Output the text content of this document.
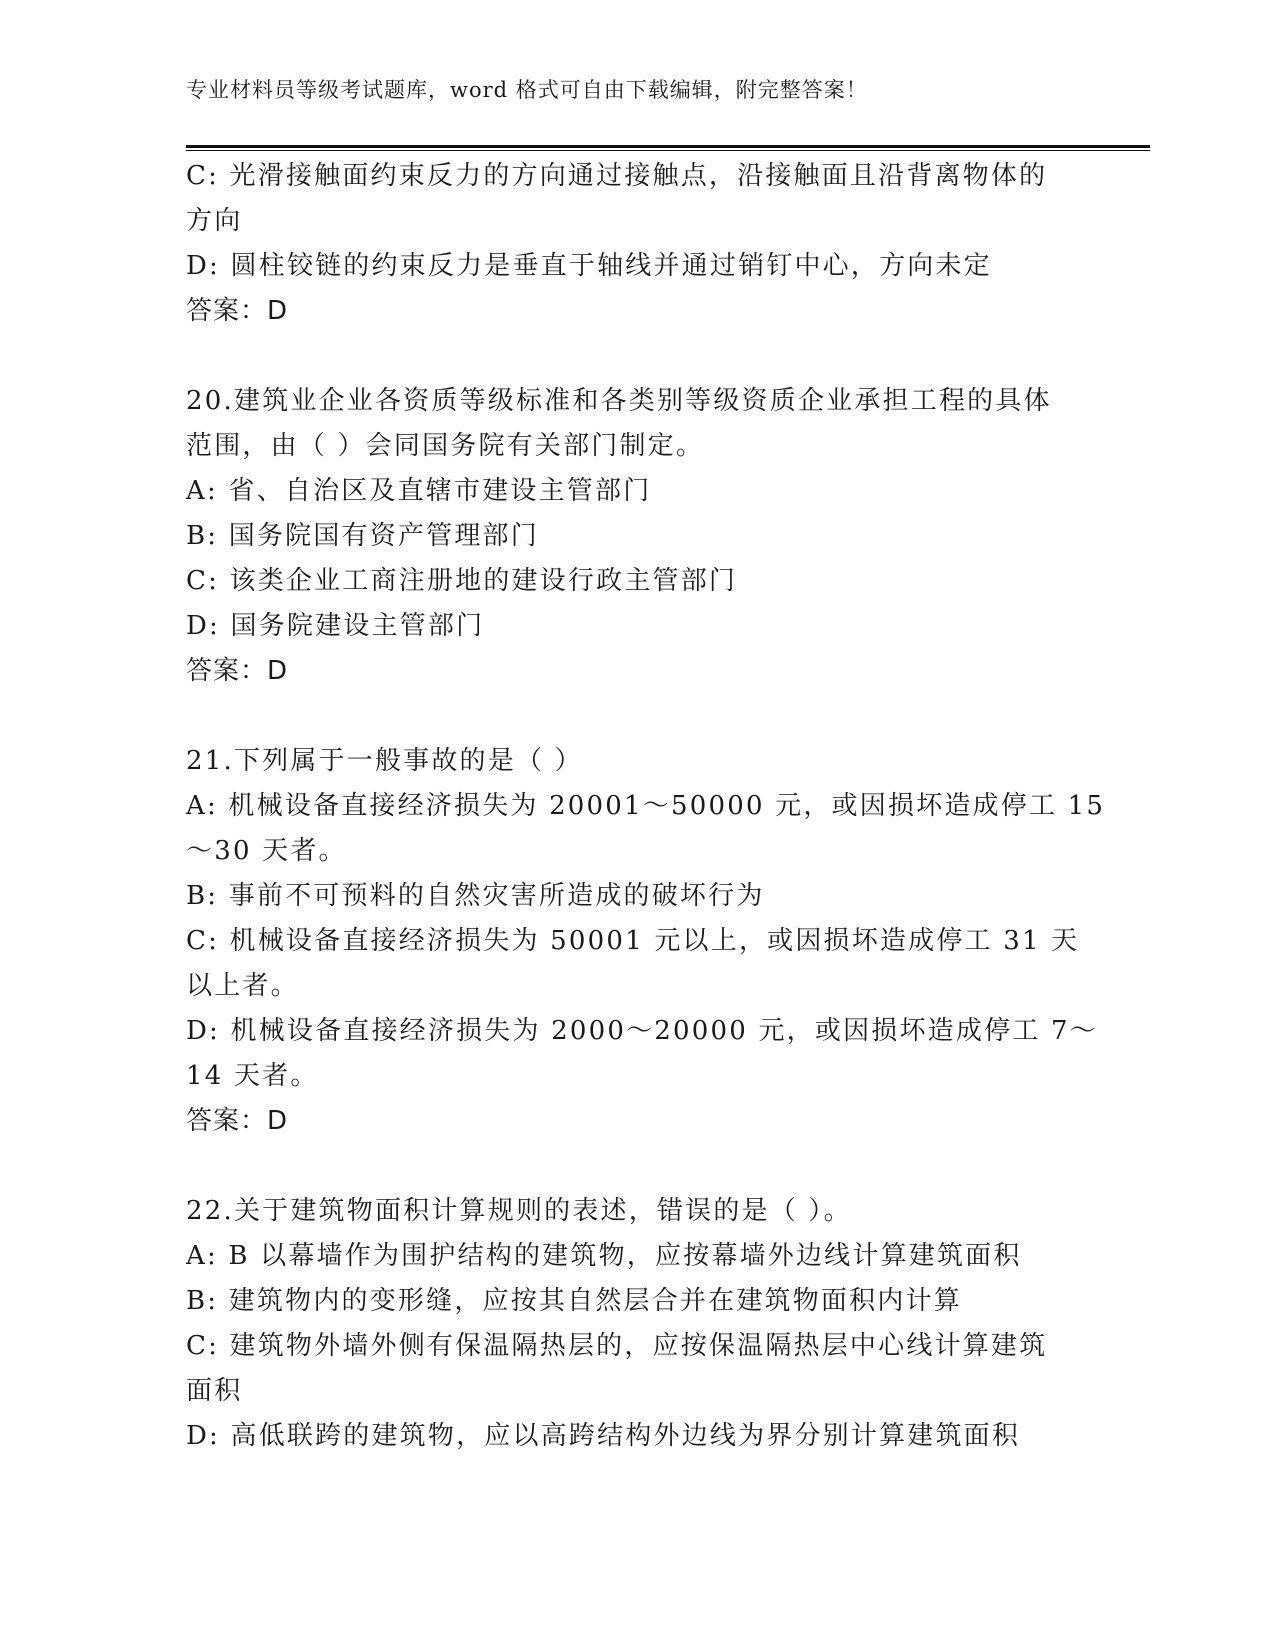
专业材料员等级考试题库，word 格式可自由下载编辑，附完整答案！
C: 光滑接触面约束反力的方向通过接触点，沿接触面且沿背离物体的
方向
D: 圆柱铰链的约束反力是垂直于轴线并通过销钉中心，方向未定
答案：D
20.建筑业企业各资质等级标准和各类别等级资质企业承担工程的具体
范围，由（ ）会同国务院有关部门制定。
A: 省、自治区及直辖市建设主管部门
B: 国务院国有资产管理部门
C: 该类企业工商注册地的建设行政主管部门
D: 国务院建设主管部门
答案：D
21.下列属于一般事故的是（ ）
A: 机械设备直接经济损失为 20001～50000 元，或因损坏造成停工 15
～30 天者。
B: 事前不可预料的自然灾害所造成的破坏行为
C: 机械设备直接经济损失为 50001 元以上，或因损坏造成停工 31 天
以上者。
D: 机械设备直接经济损失为 2000～20000 元，或因损坏造成停工 7～
14 天者。
答案：D
22.关于建筑物面积计算规则的表述，错误的是（ ）。
A: B 以幕墙作为围护结构的建筑物，应按幕墙外边线计算建筑面积
B: 建筑物内的变形缝，应按其自然层合并在建筑物面积内计算
C: 建筑物外墙外侧有保温隔热层的，应按保温隔热层中心线计算建筑
面积
D: 高低联跨的建筑物，应以高跨结构外边线为界分别计算建筑面积
